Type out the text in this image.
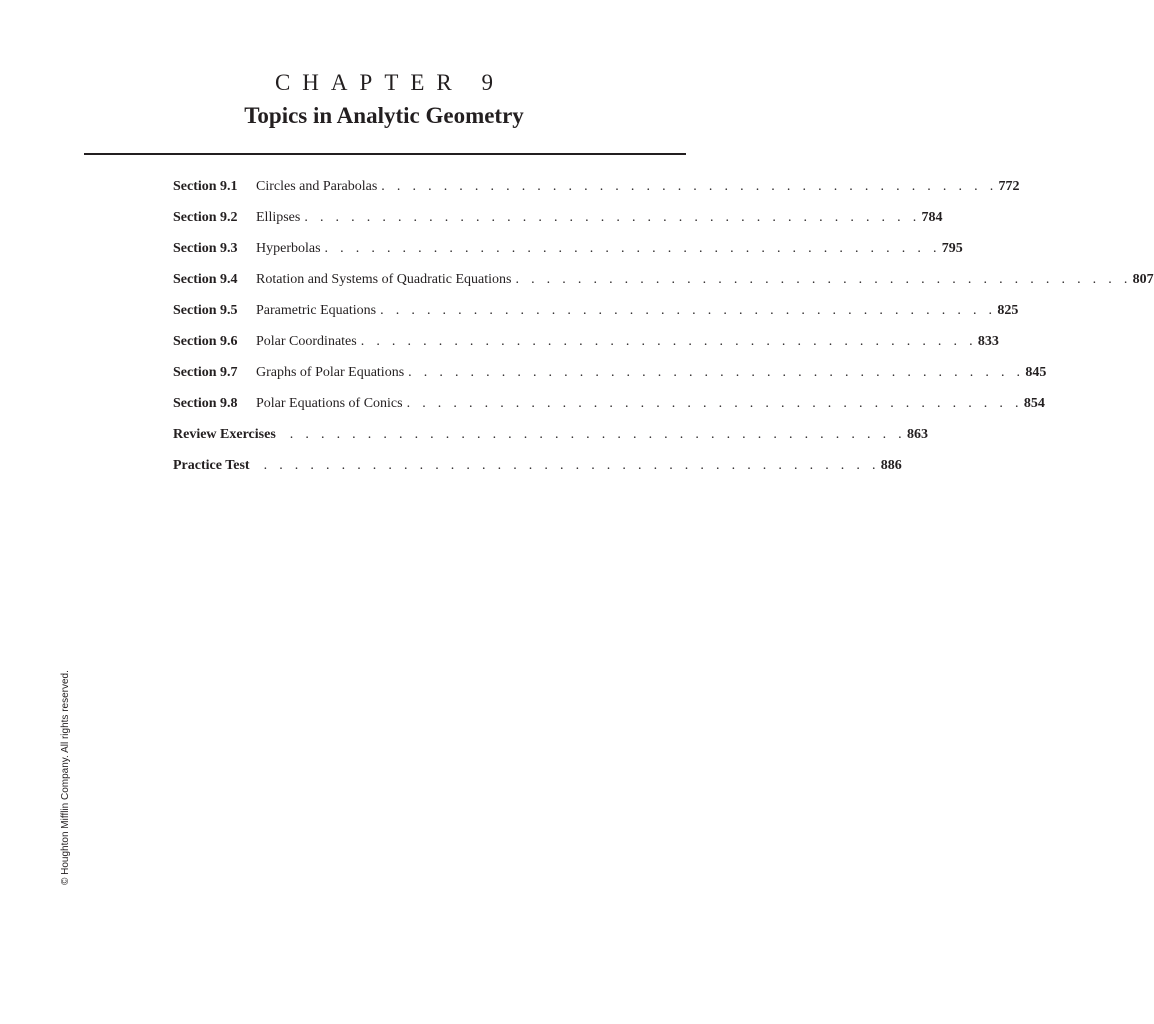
CHAPTER 9
Topics in Analytic Geometry
Section 9.1	Circles and Parabolas . . . . . . . . . . . . . . . . . . . . . . . . . . . . . . . . . . . . . . . . 772
Section 9.2	Ellipses . . . . . . . . . . . . . . . . . . . . . . . . . . . . . . . . . . . . . . . . 784
Section 9.3	Hyperbolas . . . . . . . . . . . . . . . . . . . . . . . . . . . . . . . . . . . . . . . . 795
Section 9.4	Rotation and Systems of Quadratic Equations . . . . . . . . . . . . . . . . . . . . . . . . . . . . . . . . . . . . . . . . 807
Section 9.5	Parametric Equations . . . . . . . . . . . . . . . . . . . . . . . . . . . . . . . . . . . . . . . . 825
Section 9.6	Polar Coordinates . . . . . . . . . . . . . . . . . . . . . . . . . . . . . . . . . . . . . . . . 833
Section 9.7	Graphs of Polar Equations . . . . . . . . . . . . . . . . . . . . . . . . . . . . . . . . . . . . . . . . 845
Section 9.8	Polar Equations of Conics . . . . . . . . . . . . . . . . . . . . . . . . . . . . . . . . . . . . . . . . 854
Review Exercises	. . . . . . . . . . . . . . . . . . . . . . . . . . . . . . . . . . . . . . . . 863
Practice Test	. . . . . . . . . . . . . . . . . . . . . . . . . . . . . . . . . . . . . . . . 886
© Houghton Mifflin Company. All rights reserved.
